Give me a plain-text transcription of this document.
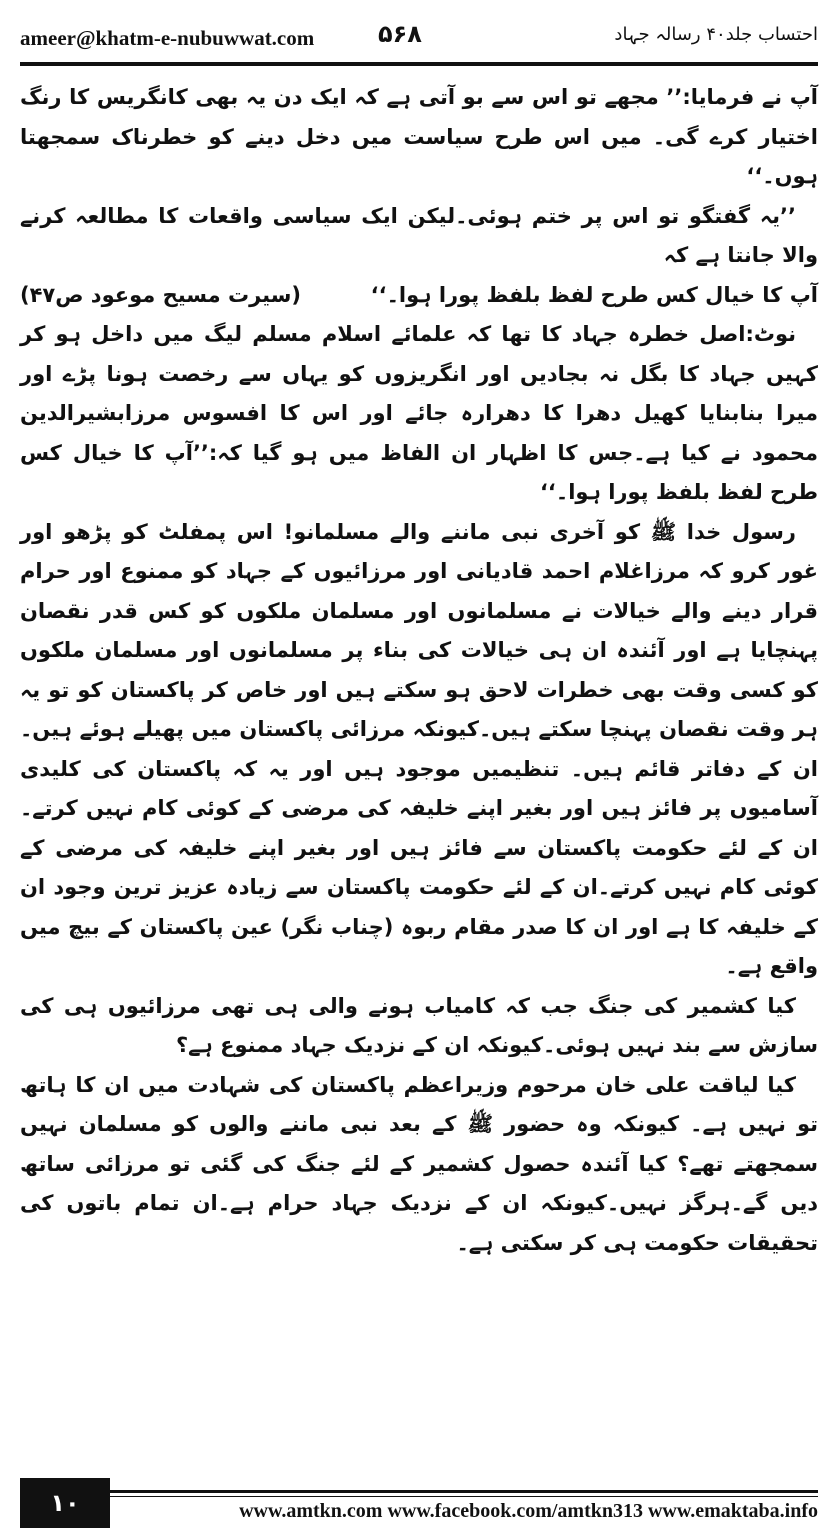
ameer@khatm-e-nubuwwat.com	۵۶۸	احتساب جلد۴۰ رسالہ جہاد

آپ نے فرمایا:’’ مجھے تو اس سے بو آتی ہے کہ ایک دن یہ بھی کانگریس کا رنگ اختیار کرے گی۔ میں اس طرح سیاست میں دخل دینے کو خطرناک سمجھتا ہوں۔‘‘

’’یہ گفتگو تو اس پر ختم ہوئی۔لیکن ایک سیاسی واقعات کا مطالعہ کرنے والا جانتا ہے کہ

آپ کا خیال کس طرح لفظ بلفظ پورا ہوا۔‘‘
(سیرت مسیح موعود ص۴۷)

نوٹ:اصل خطرہ جہاد کا تھا کہ علمائے اسلام مسلم لیگ میں داخل ہو کر کہیں جہاد کا بگل نہ بجادیں اور انگریزوں کو یہاں سے رخصت ہونا پڑے اور میرا بنابنایا کھیل دھرا کا دھرارہ جائے اور اس کا افسوس مرزابشیرالدین محمود نے کیا ہے۔جس کا اظہار ان الفاظ میں ہو گیا کہ:’’آپ کا خیال کس طرح لفظ بلفظ پورا ہوا۔‘‘

رسول خدا ﷺ کو آخری نبی ماننے والے مسلمانو! اس پمفلٹ کو پڑھو اور غور کرو کہ مرزاغلام احمد قادیانی اور مرزائیوں کے جہاد کو ممنوع اور حرام قرار دینے والے خیالات نے مسلمانوں اور مسلمان ملکوں کو کس قدر نقصان پہنچایا ہے اور آئندہ ان ہی خیالات کی بناء پر مسلمانوں اور مسلمان ملکوں کو کسی وقت بھی خطرات لاحق ہو سکتے ہیں اور خاص کر پاکستان کو تو یہ ہر وقت نقصان پہنچا سکتے ہیں۔کیونکہ مرزائی پاکستان میں پھیلے ہوئے ہیں۔ان کے دفاتر قائم ہیں۔ تنظیمیں موجود ہیں اور یہ کہ پاکستان کی کلیدی آسامیوں پر فائز ہیں اور بغیر اپنے خلیفہ کی مرضی کے کوئی کام نہیں کرتے۔ان کے لئے حکومت پاکستان سے فائز ہیں اور بغیر اپنے خلیفہ کی مرضی کے کوئی کام نہیں کرتے۔ان کے لئے حکومت پاکستان سے زیادہ عزیز ترین وجود ان کے خلیفہ کا ہے اور ان کا صدر مقام ربوہ (چناب نگر) عین پاکستان کے بیچ میں واقع ہے۔

کیا کشمیر کی جنگ جب کہ کامیاب ہونے والی ہی تھی مرزائیوں ہی کی سازش سے بند نہیں ہوئی۔کیونکہ ان کے نزدیک جہاد ممنوع ہے؟

کیا لیاقت علی خان مرحوم وزیراعظم پاکستان کی شہادت میں ان کا ہاتھ تو نہیں ہے۔ کیونکہ وہ حضور ﷺ کے بعد نبی ماننے والوں کو مسلمان نہیں سمجھتے تھے؟ کیا آئندہ حصول کشمیر کے لئے جنگ کی گئی تو مرزائی ساتھ دیں گے۔ہرگز نہیں۔کیونکہ ان کے نزدیک جہاد حرام ہے۔ان تمام باتوں کی تحقیقات حکومت ہی کر سکتی ہے۔

۱۰	www.amtkn.com www.facebook.com/amtkn313 www.emaktaba.info
